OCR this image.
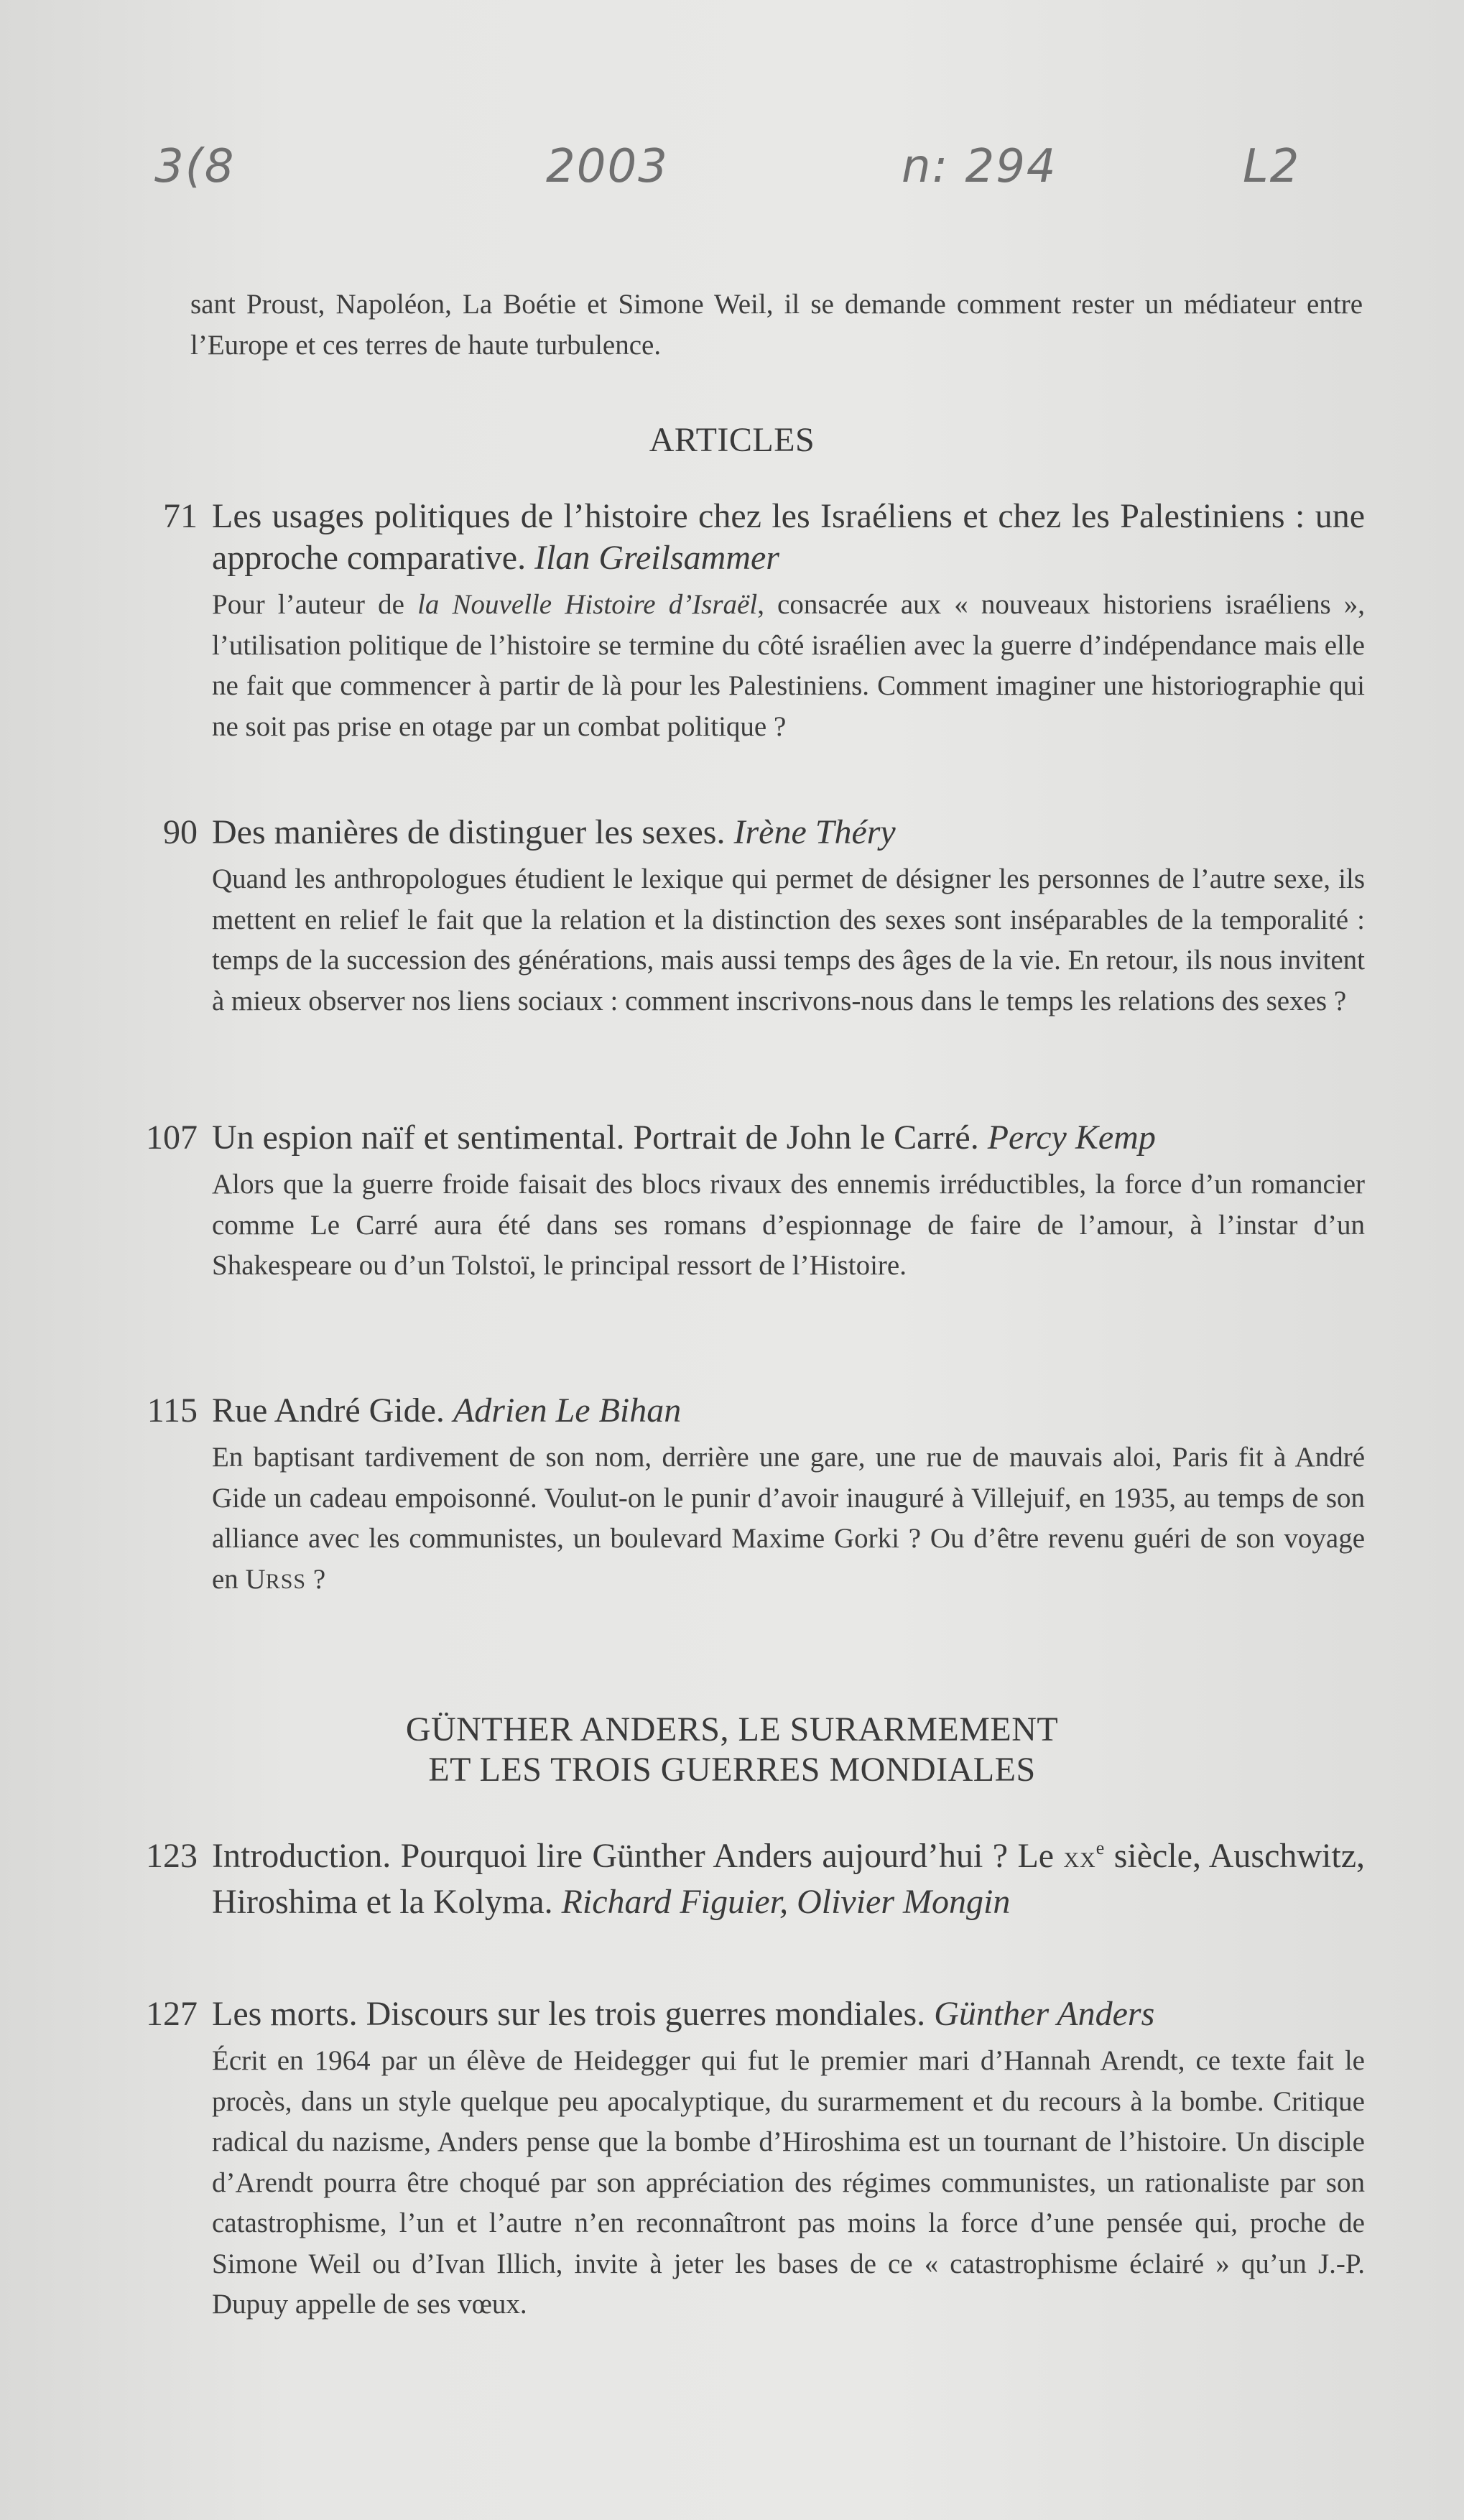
3(8	2003	n: 294	L2
sant Proust, Napoléon, La Boétie et Simone Weil, il se demande comment rester un médiateur entre l’Europe et ces terres de haute turbulence.
ARTICLES
71 Les usages politiques de l’histoire chez les Israéliens et chez les Palestiniens : une approche comparative. Ilan Greilsammer
Pour l’auteur de la Nouvelle Histoire d’Israël, consacrée aux « nouveaux historiens israéliens », l’utilisation politique de l’histoire se termine du côté israélien avec la guerre d’indépendance mais elle ne fait que commencer à partir de là pour les Palestiniens. Comment imaginer une historiographie qui ne soit pas prise en otage par un combat politique ?
90 Des manières de distinguer les sexes. Irène Théry
Quand les anthropologues étudient le lexique qui permet de désigner les personnes de l’autre sexe, ils mettent en relief le fait que la relation et la distinction des sexes sont inséparables de la temporalité : temps de la succession des générations, mais aussi temps des âges de la vie. En retour, ils nous invitent à mieux observer nos liens sociaux : comment inscrivons-nous dans le temps les relations des sexes ?
107 Un espion naïf et sentimental. Portrait de John le Carré. Percy Kemp
Alors que la guerre froide faisait des blocs rivaux des ennemis irréductibles, la force d’un romancier comme Le Carré aura été dans ses romans d’espionnage de faire de l’amour, à l’instar d’un Shakespeare ou d’un Tolstoï, le principal ressort de l’Histoire.
115 Rue André Gide. Adrien Le Bihan
En baptisant tardivement de son nom, derrière une gare, une rue de mauvais aloi, Paris fit à André Gide un cadeau empoisonné. Voulut-on le punir d’avoir inauguré à Villejuif, en 1935, au temps de son alliance avec les communistes, un boulevard Maxime Gorki ? Ou d’être revenu guéri de son voyage en URSS ?
GÜNTHER ANDERS, LE SURARMEMENT
ET LES TROIS GUERRES MONDIALES
123 Introduction. Pourquoi lire Günther Anders aujourd’hui ? Le XXe siècle, Auschwitz, Hiroshima et la Kolyma. Richard Figuier, Olivier Mongin
127 Les morts. Discours sur les trois guerres mondiales. Günther Anders
Écrit en 1964 par un élève de Heidegger qui fut le premier mari d’Hannah Arendt, ce texte fait le procès, dans un style quelque peu apocalyptique, du surarmement et du recours à la bombe. Critique radical du nazisme, Anders pense que la bombe d’Hiroshima est un tournant de l’histoire. Un disciple d’Arendt pourra être choqué par son appréciation des régimes communistes, un rationaliste par son catastrophisme, l’un et l’autre n’en reconnaîtront pas moins la force d’une pensée qui, proche de Simone Weil ou d’Ivan Illich, invite à jeter les bases de ce « catastrophisme éclairé » qu’un J.-P. Dupuy appelle de ses vœux.
